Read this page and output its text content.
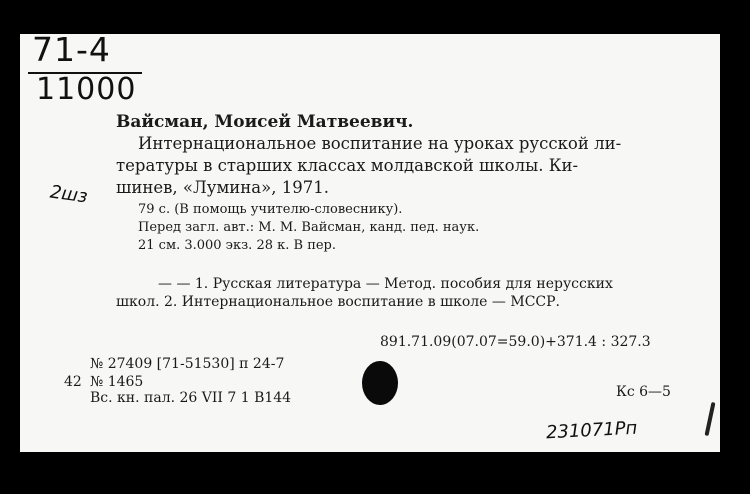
71-4
11000
Вайсман, Моисей Матвеевич.
Интернациональное воспитание на уроках русской ли-
тературы в старших классах молдавской школы. Ки-
шинев, «Лумина», 1971.
2шз
79 с. (В помощь учителю-словеснику).
Перед загл. авт.: М. М. Вайсман, канд. пед. наук.
21 см. 3.000 экз. 28 к. В пер.
— — 1. Русская литература — Метод. пособия для нерусских
школ. 2. Интернациональное воспитание в школе — МССР.
891.71.09(07.07=59.0)+371.4 : 327.3
№ 27409 [71-51530] п 24-7
42 № 1465
Вс. кн. пал. 26 VII 7 1 В144	Кс 6—5
231071Рп
